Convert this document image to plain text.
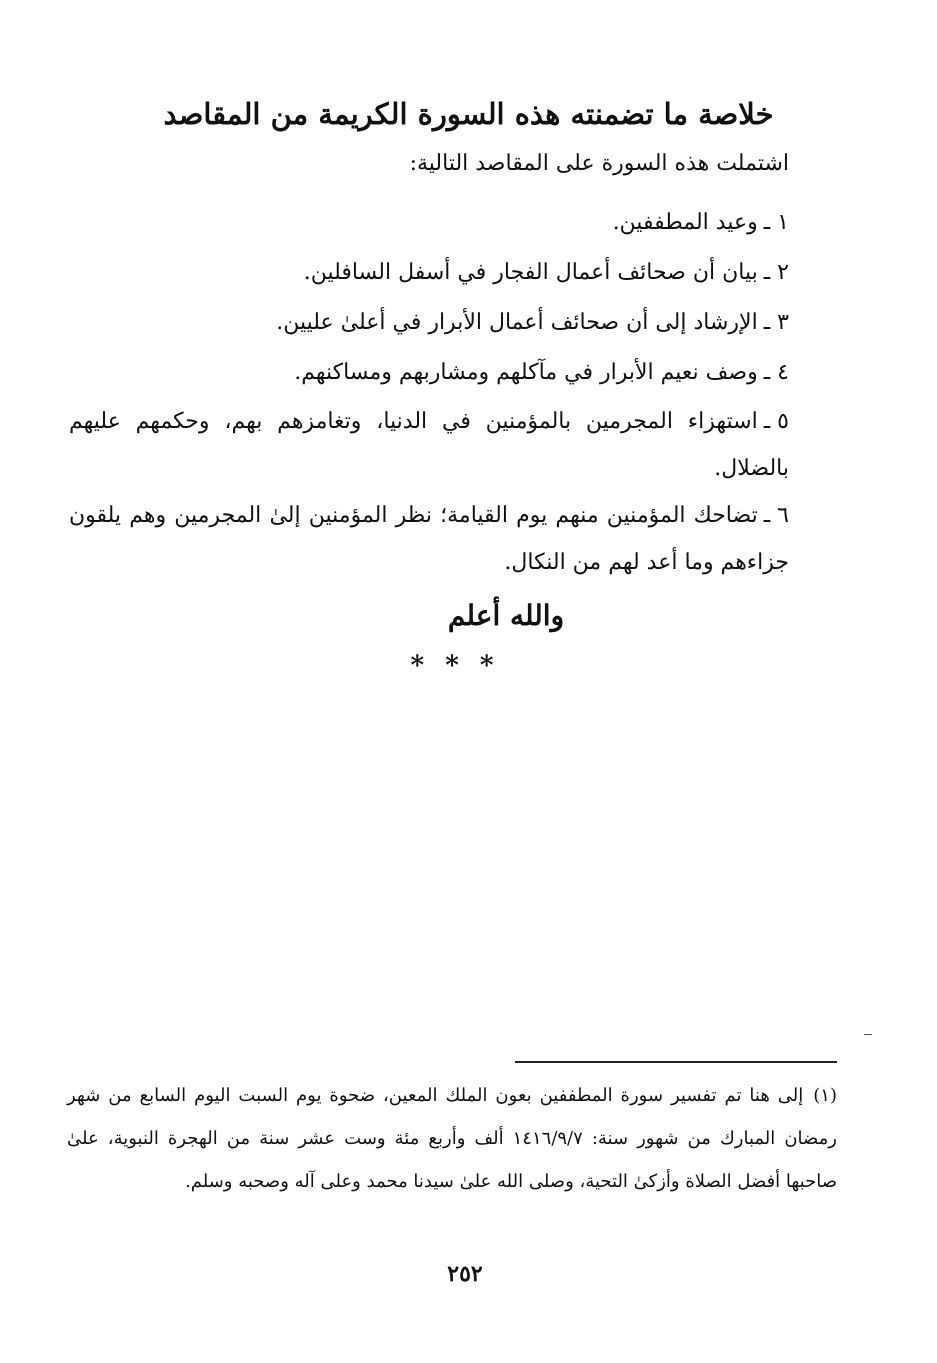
خلاصة ما تضمنته هذه السورة الكريمة من المقاصد
اشتملت هذه السورة على المقاصد التالية:
١ ـوعيد المطففين.
٢ ـبيان أن صحائف أعمال الفجار في أسفل السافلين.
٣ ـالإرشاد إلى أن صحائف أعمال الأبرار في أعلىٰ عليين.
٤ ـوصف نعيم الأبرار في مآكلهم ومشاربهم ومساكنهم.
٥ ـاستهزاء المجرمين بالمؤمنين في الدنيا، وتغامزهم بهم، وحكمهم عليهم بالضلال.
٦ ـتضاحك المؤمنين منهم يوم القيامة؛ نظر المؤمنين إلىٰ المجرمين وهم يلقون جزاءهم وما أعد لهم من النكال.
والله أعلم
* * *
(١)إلى هنا تم تفسير سورة المطففين بعون الملك المعين، ضحوة يوم السبت اليوم السابع من شهر رمضان المبارك من شهور سنة: ١٤١٦/٩/٧ ألف وأربع مئة وست عشر سنة من الهجرة النبوية، علىٰ صاحبها أفضل الصلاة وأزكىٰ التحية، وصلى الله علىٰ سيدنا محمد وعلى آله وصحبه وسلم.
٢٥٢
